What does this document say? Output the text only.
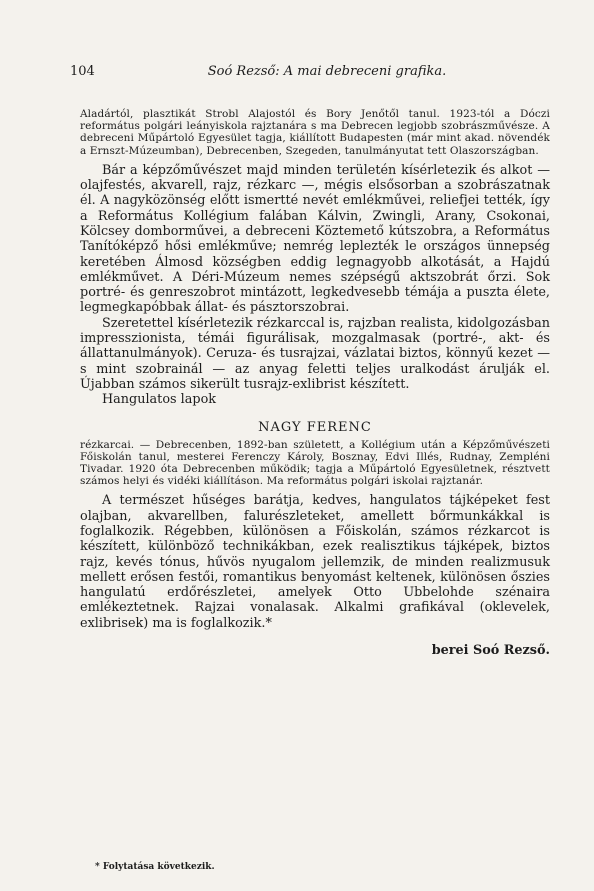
104	Soó Rezső: A mai debreceni grafika.

Aladártól, plasztikát Strobl Alajostól és Bory Jenőtől tanul. 1923-tól a Dóczi református polgári leányiskola rajztanára s ma Debrecen legjobb szobrászművésze. A debreceni Műpártoló Egyesület tagja, kiállított Budapesten (már mint akad. növendék a Ernszt-Múzeumban), Debrecenben, Szegeden, tanulmányutat tett Olaszországban.

Bár a képzőművészet majd minden területén kísérletezik és alkot — olajfestés, akvarell, rajz, rézkarc —, mégis elsősorban a szobrászatnak él. A nagyközönség előtt ismertté nevét emlékművei, reliefjei tették, így a Református Kollégium falában Kálvin, Zwingli, Arany, Csokonai, Kölcsey domborművei, a debreceni Köztemető kútszobra, a Református Tanítóképző hősi emlékműve; nemrég leplezték le országos ünnepség keretében Álmosd községben eddig legnagyobb alkotását, a Hajdú emlékművet. A Déri-Múzeum nemes szépségű aktszobrát őrzi. Sok portré- és genreszobrot mintázott, legkedvesebb témája a puszta élete, legmegkapóbbak állat- és pásztorszobrai.

Szeretettel kísérletezik rézkarccal is, rajzban realista, kidolgozásban impresszionista, témái figurálisak, mozgalmasak (portré-, akt- és állattanulmányok). Ceruza- és tusrajzai, vázlatai biztos, könnyű kezet — s mint szobrainál — az anyag feletti teljes uralkodást árulják el. Újabban számos sikerült tusrajz-exlibrist készített.

Hangulatos lapok

NAGY FERENC

rézkarcai. — Debrecenben, 1892-ban született, a Kollégium után a Képzőművészeti Főiskolán tanul, mesterei Ferenczy Károly, Bosznay, Edvi Illés, Rudnay, Zempléni Tivadar. 1920 óta Debrecenben működik; tagja a Műpártoló Egyesületnek, résztvett számos helyi és vidéki kiállításon. Ma református polgári iskolai rajztanár.

A természet hűséges barátja, kedves, hangulatos tájképeket fest olajban, akvarellben, falurészleteket, amellett bőrmunkákkal is foglalkozik. Régebben, különösen a Főiskolán, számos rézkarcot is készített, különböző technikákban, ezek realisztikus tájképek, biztos rajz, kevés tónus, hűvös nyugalom jellemzik, de minden realizmusuk mellett erősen festői, romantikus benyomást keltenek, különösen őszies hangulatú erdőrészletei, amelyek Otto Ubbelohde szénaira emlékeztetnek. Rajzai vonalasak. Alkalmi grafikával (oklevelek, exlibrisek) ma is foglalkozik.*

berei Soó Rezső.
* Folytatása következik.
